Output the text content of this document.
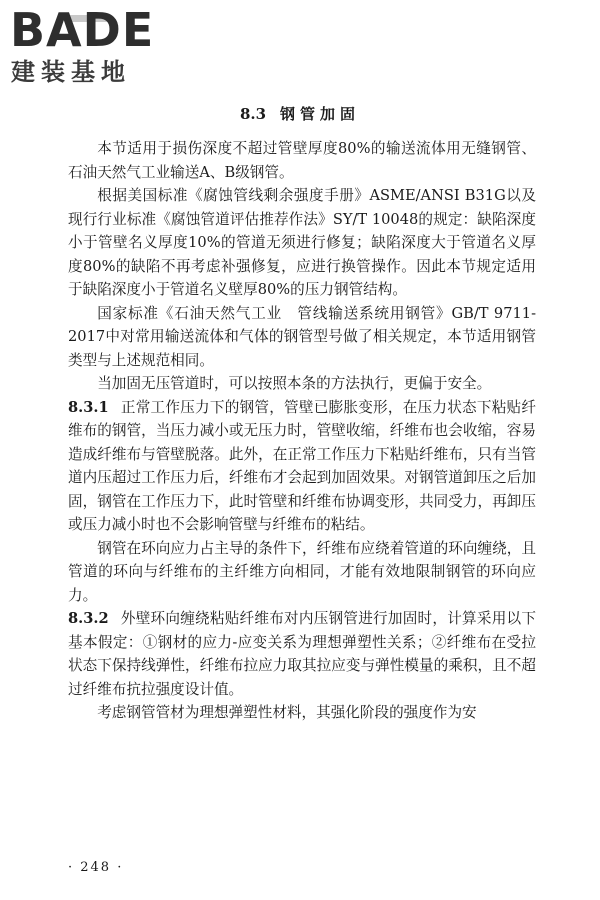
BADE
建装基地
8.3 钢管加固

本节适用于损伤深度不超过管壁厚度80%的输送流体用无缝钢管、石油天然气工业输送A、B级钢管。

根据美国标准《腐蚀管线剩余强度手册》ASME/ANSI B31G以及现行行业标准《腐蚀管道评估推荐作法》SY/T 10048的规定：缺陷深度小于管壁名义厚度10%的管道无须进行修复；缺陷深度大于管道名义厚度80%的缺陷不再考虑补强修复，应进行换管操作。因此本节规定适用于缺陷深度小于管道名义壁厚80%的压力钢管结构。

国家标准《石油天然气工业　管线输送系统用钢管》GB/T 9711-2017中对常用输送流体和气体的钢管型号做了相关规定，本节适用钢管类型与上述规范相同。

当加固无压管道时，可以按照本条的方法执行，更偏于安全。

8.3.1 正常工作压力下的钢管，管壁已膨胀变形，在压力状态下粘贴纤维布的钢管，当压力减小或无压力时，管壁收缩，纤维布也会收缩，容易造成纤维布与管壁脱落。此外，在正常工作压力下粘贴纤维布，只有当管道内压超过工作压力后，纤维布才会起到加固效果。对钢管道卸压之后加固，钢管在工作压力下，此时管壁和纤维布协调变形，共同受力，再卸压或压力减小时也不会影响管壁与纤维布的粘结。

钢管在环向应力占主导的条件下，纤维布应绕着管道的环向缠绕，且管道的环向与纤维布的主纤维方向相同，才能有效地限制钢管的环向应力。

8.3.2 外壁环向缠绕粘贴纤维布对内压钢管进行加固时，计算采用以下基本假定：①钢材的应力-应变关系为理想弹塑性关系；②纤维布在受拉状态下保持线弹性，纤维布拉应力取其拉应变与弹性模量的乘积，且不超过纤维布抗拉强度设计值。

考虑钢管管材为理想弹塑性材料，其强化阶段的强度作为安

· 248 ·
